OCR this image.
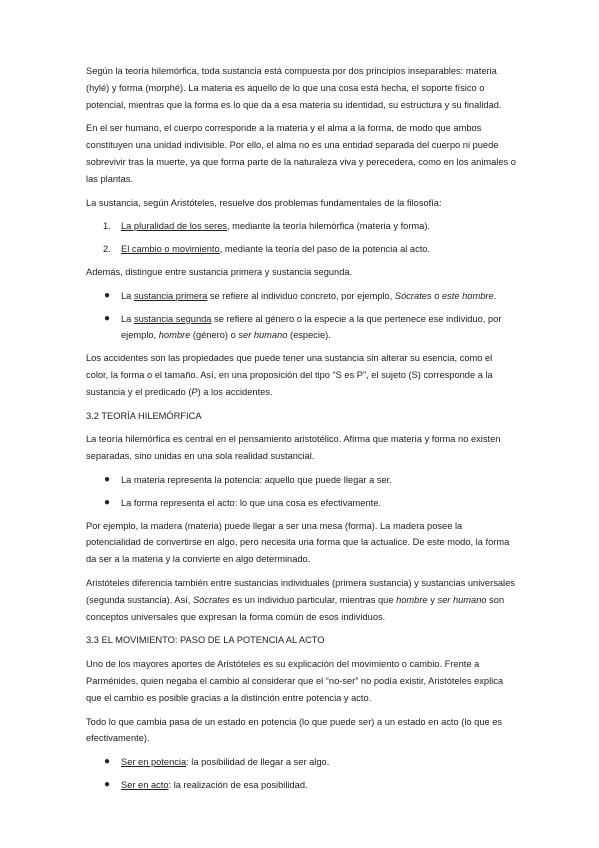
Según la teoría hilemórfica, toda sustancia está compuesta por dos principios inseparables: materia (hylé) y forma (morphé). La materia es aquello de lo que una cosa está hecha, el soporte físico o potencial, mientras que la forma es lo que da a esa materia su identidad, su estructura y su finalidad.

En el ser humano, el cuerpo corresponde a la materia y el alma a la forma, de modo que ambos constituyen una unidad indivisible. Por ello, el alma no es una entidad separada del cuerpo ni puede sobrevivir tras la muerte, ya que forma parte de la naturaleza viva y perecedera, como en los animales o las plantas.

La sustancia, según Aristóteles, resuelve dos problemas fundamentales de la filosofía:

1. La pluralidad de los seres, mediante la teoría hilemórfica (materia y forma).
2. El cambio o movimiento, mediante la teoría del paso de la potencia al acto.

Además, distingue entre sustancia primera y sustancia segunda.

● La sustancia primera se refiere al individuo concreto, por ejemplo, Sócrates o este hombre.
● La sustancia segunda se refiere al género o la especie a la que pertenece ese individuo, por ejemplo, hombre (género) o ser humano (especie).

Los accidentes son las propiedades que puede tener una sustancia sin alterar su esencia, como el color, la forma o el tamaño. Así, en una proposición del tipo “S es P”, el sujeto (S) corresponde a la sustancia y el predicado (P) a los accidentes.

3.2 TEORÍA HILEMÓRFICA

La teoría hilemórfica es central en el pensamiento aristotélico. Afirma que materia y forma no existen separadas, sino unidas en una sola realidad sustancial.

● La materia representa la potencia: aquello que puede llegar a ser.
● La forma representa el acto: lo que una cosa es efectivamente.

Por ejemplo, la madera (materia) puede llegar a ser una mesa (forma). La madera posee la potencialidad de convertirse en algo, pero necesita una forma que la actualice. De este modo, la forma da ser a la materia y la convierte en algo determinado.

Aristóteles diferencia también entre sustancias individuales (primera sustancia) y sustancias universales (segunda sustancia). Así, Sócrates es un individuo particular, mientras que hombre y ser humano son conceptos universales que expresan la forma común de esos individuos.

3.3 EL MOVIMIENTO: PASO DE LA POTENCIA AL ACTO

Uno de los mayores aportes de Aristóteles es su explicación del movimiento o cambio. Frente a Parménides, quien negaba el cambio al considerar que el “no-ser” no podía existir, Aristóteles explica que el cambio es posible gracias a la distinción entre potencia y acto.

Todo lo que cambia pasa de un estado en potencia (lo que puede ser) a un estado en acto (lo que es efectivamente).

● Ser en potencia: la posibilidad de llegar a ser algo.
● Ser en acto: la realización de esa posibilidad.
